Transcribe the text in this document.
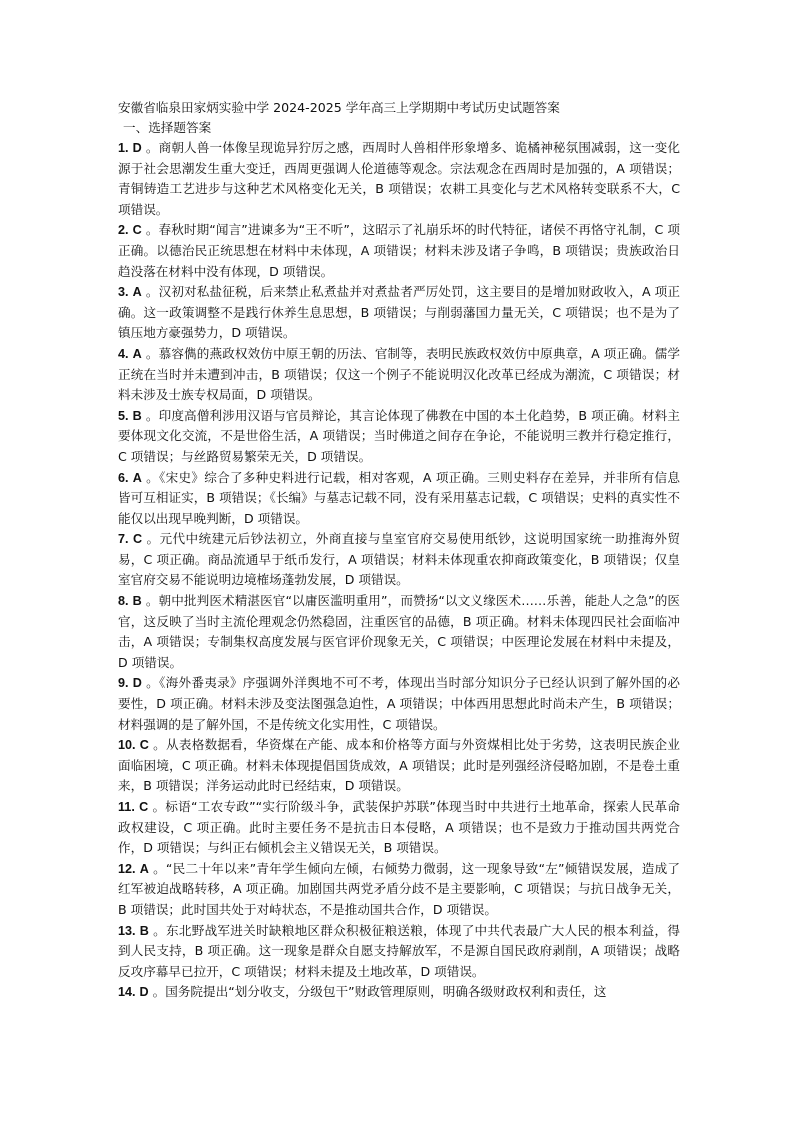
安徽省临泉田家炳实验中学 2024-2025 学年高三上学期期中考试历史试题答案
一、选择题答案

1. D 。商朝人兽一体像呈现诡异狞厉之感，西周时人兽相伴形象增多、诡橘神秘氛围减弱，这一变化源于社会思潮发生重大变迁，西周更强调人伦道德等观念。宗法观念在西周时是加强的，A 项错误；青铜铸造工艺进步与这种艺术风格变化无关，B 项错误；农耕工具变化与艺术风格转变联系不大，C 项错误。

2. C 。春秋时期“闻言”进谏多为“王不听”，这昭示了礼崩乐坏的时代特征，诸侯不再恪守礼制，C 项正确。以德治民正统思想在材料中未体现，A 项错误；材料未涉及诸子争鸣，B 项错误；贵族政治日趋没落在材料中没有体现，D 项错误。

3. A 。汉初对私盐征税，后来禁止私煮盐并对煮盐者严厉处罚，这主要目的是增加财政收入，A 项正确。这一政策调整不是践行休养生息思想，B 项错误；与削弱藩国力量无关，C 项错误；也不是为了镇压地方豪强势力，D 项错误。

4. A 。慕容儁的燕政权效仿中原王朝的历法、官制等，表明民族政权效仿中原典章，A 项正确。儒学正统在当时并未遭到冲击，B 项错误；仅这一个例子不能说明汉化改革已经成为潮流，C 项错误；材料未涉及士族专权局面，D 项错误。

5. B 。印度高僧利涉用汉语与官员辩论，其言论体现了佛教在中国的本土化趋势，B 项正确。材料主要体现文化交流，不是世俗生活，A 项错误；当时佛道之间存在争论，不能说明三教并行稳定推行，C 项错误；与丝路贸易繁荣无关，D 项错误。

6. A 。《宋史》综合了多种史料进行记载，相对客观，A 项正确。三则史料存在差异，并非所有信息皆可互相证实，B 项错误；《长编》与墓志记载不同，没有采用墓志记载，C 项错误；史料的真实性不能仅以出现早晚判断，D 项错误。

7. C 。元代中统建元后钞法初立，外商直接与皇室官府交易使用纸钞，这说明国家统一助推海外贸易，C 项正确。商品流通早于纸币发行，A 项错误；材料未体现重农抑商政策变化，B 项错误；仅皇室官府交易不能说明边境榷场蓬勃发展，D 项错误。

8. B 。朝中批判医术精湛医官“以庸医滥明重用”，而赞扬“以文义缘医术……乐善，能赴人之急”的医官，这反映了当时主流伦理观念仍然稳固，注重医官的品德，B 项正确。材料未体现四民社会面临冲击，A 项错误；专制集权高度发展与医官评价现象无关，C 项错误；中医理论发展在材料中未提及，D 项错误。

9. D 。《海外番夷录》序强调外洋舆地不可不考，体现出当时部分知识分子已经认识到了解外国的必要性，D 项正确。材料未涉及变法图强急迫性，A 项错误；中体西用思想此时尚未产生，B 项错误；材料强调的是了解外国，不是传统文化实用性，C 项错误。

10. C 。从表格数据看，华资煤在产能、成本和价格等方面与外资煤相比处于劣势，这表明民族企业面临困境，C 项正确。材料未体现提倡国货成效，A 项错误；此时是列强经济侵略加剧，不是卷土重来，B 项错误；洋务运动此时已经结束，D 项错误。

11. C 。标语“工农专政”“实行阶级斗争，武装保护苏联”体现当时中共进行土地革命，探索人民革命政权建设，C 项正确。此时主要任务不是抗击日本侵略，A 项错误；也不是致力于推动国共两党合作，D 项错误；与纠正右倾机会主义错误无关，B 项错误。

12. A 。“民二十年以来”青年学生倾向左倾，右倾势力微弱，这一现象导致“左”倾错误发展，造成了红军被迫战略转移，A 项正确。加剧国共两党矛盾分歧不是主要影响，C 项错误；与抗日战争无关，B 项错误；此时国共处于对峙状态，不是推动国共合作，D 项错误。

13. B 。东北野战军进关时缺粮地区群众积极征粮送粮，体现了中共代表最广大人民的根本利益，得到人民支持，B 项正确。这一现象是群众自愿支持解放军，不是源自国民政府剥削，A 项错误；战略反攻序幕早已拉开，C 项错误；材料未提及土地改革，D 项错误。

14. D 。国务院提出“划分收支，分级包干”财政管理原则，明确各级财政权利和责任，这
